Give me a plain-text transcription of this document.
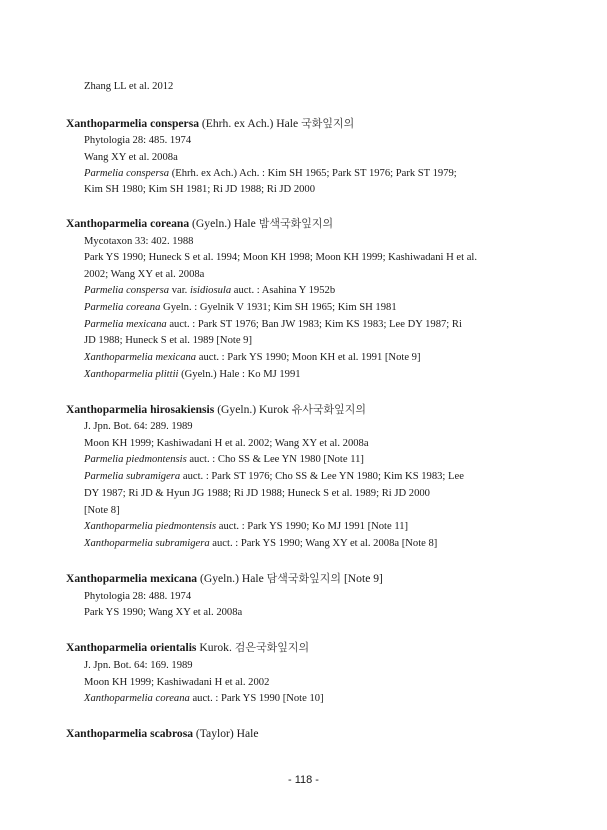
Zhang LL et al. 2012
Xanthoparmelia conspersa (Ehrh. ex Ach.) Hale 국화잎지의
Phytologia 28: 485. 1974
Wang XY et al. 2008a
Parmelia conspersa (Ehrh. ex Ach.) Ach. : Kim SH 1965; Park ST 1976; Park ST 1979;
Kim SH 1980; Kim SH 1981; Ri JD 1988; Ri JD 2000
Xanthoparmelia coreana (Gyeln.) Hale 밤색국화잎지의
Mycotaxon 33: 402. 1988
Park YS 1990; Huneck S et al. 1994; Moon KH 1998; Moon KH 1999; Kashiwadani H et al.
2002; Wang XY et al. 2008a
Parmelia conspersa var. isidiosula auct. : Asahina Y 1952b
Parmelia coreana Gyeln. : Gyelnik V 1931; Kim SH 1965; Kim SH 1981
Parmelia mexicana auct. : Park ST 1976; Ban JW 1983; Kim KS 1983; Lee DY 1987; Ri
JD 1988; Huneck S et al. 1989 [Note 9]
Xanthoparmelia mexicana auct. : Park YS 1990; Moon KH et al. 1991 [Note 9]
Xanthoparmelia plittii (Gyeln.) Hale : Ko MJ 1991
Xanthoparmelia hirosakiensis (Gyeln.) Kurok 유사국화잎지의
J. Jpn. Bot. 64: 289. 1989
Moon KH 1999; Kashiwadani H et al. 2002; Wang XY et al. 2008a
Parmelia piedmontensis auct. : Cho SS & Lee YN 1980 [Note 11]
Parmelia subramigera auct. : Park ST 1976; Cho SS & Lee YN 1980; Kim KS 1983; Lee
DY 1987; Ri JD & Hyun JG 1988; Ri JD 1988; Huneck S et al. 1989; Ri JD 2000
[Note 8]
Xanthoparmelia piedmontensis auct. : Park YS 1990; Ko MJ 1991 [Note 11]
Xanthoparmelia subramigera auct. : Park YS 1990; Wang XY et al. 2008a [Note 8]
Xanthoparmelia mexicana (Gyeln.) Hale 담색국화잎지의 [Note 9]
Phytologia 28: 488. 1974
Park YS 1990; Wang XY et al. 2008a
Xanthoparmelia orientalis Kurok. 검은국화잎지의
J. Jpn. Bot. 64: 169. 1989
Moon KH 1999; Kashiwadani H et al. 2002
Xanthoparmelia coreana auct. : Park YS 1990 [Note 10]
Xanthoparmelia scabrosa (Taylor) Hale
- 118 -
